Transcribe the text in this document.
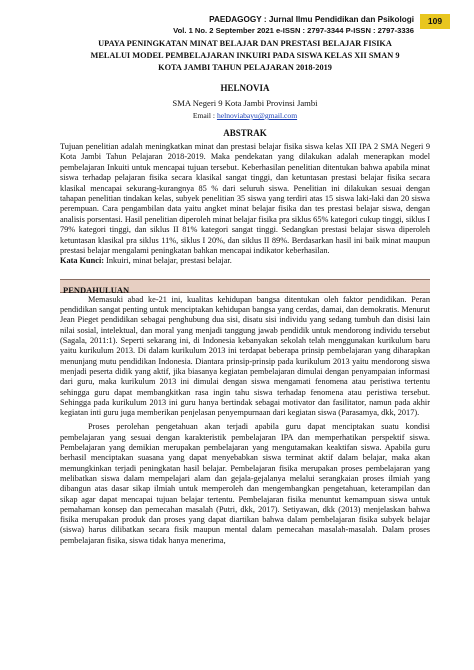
PAEDAGOGY : Jurnal Ilmu Pendidikan dan Psikologi
Vol. 1 No. 2 September 2021 e-ISSN : 2797-3344 P-ISSN : 2797-3336
109
UPAYA PENINGKATAN MINAT BELAJAR DAN PRESTASI BELAJAR FISIKA
MELALUI MODEL PEMBELAJARAN INKUIRI PADA SISWA KELAS XII SMAN 9
KOTA JAMBI TAHUN PELAJARAN 2018-2019
HELNOVIA
SMA Negeri 9 Kota Jambi Provinsi Jambi
Email : helnoviabayu@gmail.com
ABSTRAK

Tujuan penelitian adalah meningkatkan minat dan prestasi belajar fisika siswa kelas XII IPA 2 SMA Negeri 9 Kota Jambi Tahun Pelajaran 2018-2019. Maka pendekatan yang dilakukan adalah menerapkan model pembelajaran Inkuiti untuk mencapai tujuan tersebut. Keberhasilan penelitian ditentukan bahwa apabila minat siswa terhadap pelajaran fisika secara klasikal sangat tinggi, dan ketuntasan prestasi belajar fisika secara klasikal mencapai sekurang-kurangnya 85 % dari seluruh siswa. Penelitian ini dilakukan sesuai dengan tahapan penelitian tindakan kelas, subyek penelitian 35 siswa yang terdiri atas 15 siswa laki-laki dan 20 siswa perempuan. Cara pengambilan data yaitu angket minat belajar fisika dan tes prestasi belajar siswa, dengan analisis porsentasi. Hasil penelitian diperoleh minat belajar fisika pra siklus 65% kategori cukup tinggi, siklus I 79% kategori tinggi, dan siklus II 81% kategori sangat tinggi. Sedangkan prestasi belajar siswa diperoleh ketuntasan klasikal pra siklus 11%, siklus I 20%, dan siklus II 89%. Berdasarkan hasil ini baik minat maupun prestasi belajar mengalami peningkatan bahkan mencapai indikator keberhasilan.

Kata Kunci: Inkuiri, minat belajar, prestasi belajar.

PENDAHULUAN

Memasuki abad ke-21 ini, kualitas kehidupan bangsa ditentukan oleh faktor pendidikan. Peran pendidikan sangat penting untuk menciptakan kehidupan bangsa yang cerdas, damai, dan demokratis. Menurut Jean Pieget pendidikan sebagai penghubung dua sisi, disatu sisi individu yang sedang tumbuh dan disisi lain nilai sosial, intelektual, dan moral yang menjadi tanggung jawab pendidik untuk mendorong individu tersebut (Sagala, 2011:1). Seperti sekarang ini, di Indonesia kebanyakan sekolah telah menggunakan kurikulum baru yaitu kurikulum 2013. Di dalam kurikulum 2013 ini terdapat beberapa prinsip pembelajaran yang diharapkan menunjang mutu pendidikan Indonesia. Diantara prinsip-prinsip pada kurikulum 2013 yaitu mendorong siswa menjadi peserta didik yang aktif, jika biasanya kegiatan pembelajaran dimulai dengan penyampaian informasi dari guru, maka kurikulum 2013 ini dimulai dengan siswa mengamati fenomena atau peristiwa tertentu sehingga guru dapat membangkitkan rasa ingin tahu siswa terhadap fenomena atau peristiwa tersebut. Sehingga pada kurikulum 2013 ini guru hanya bertindak sebagai motivator dan fasilitator, namun pada akhir kegiatan inti guru juga memberikan penjelasan penyempurnaan dari kegiatan siswa (Parasamya, dkk, 2017).

Proses perolehan pengetahuan akan terjadi apabila guru dapat menciptakan suatu kondisi pembelajaran yang sesuai dengan karakteristik pembelajaran IPA dan memperhatikan perspektif siswa. Pembelajaran yang demikian merupakan pembelajaran yang mengutamakan keaktifan siswa. Apabila guru berhasil menciptakan suasana yang dapat menyebabkan siswa terminat aktif dalam belajar, maka akan memungkinkan terjadi peningkatan hasil belajar. Pembelajaran fisika merupakan proses pembelajaran yang melibatkan siswa dalam mempelajari alam dan gejala-gejalanya melalui serangkaian proses ilmiah yang dibangun atas dasar sikap ilmiah untuk memperoleh dan mengembangkan pengetahuan, keterampilan dan sikap agar dapat mencapai tujuan belajar tertentu. Pembelajaran fisika menuntut kemampuan siswa untuk pemahaman konsep dan pemecahan masalah (Putri, dkk, 2017). Setiyawan, dkk (2013) menjelaskan bahwa fisika merupakan produk dan proses yang dapat diartikan bahwa dalam pembelajaran fisika subyek belajar (siswa) harus dilibatkan secara fisik maupun mental dalam pemecahan masalah-masalah. Dalam proses pembelajaran fisika, siswa tidak hanya menerima,
